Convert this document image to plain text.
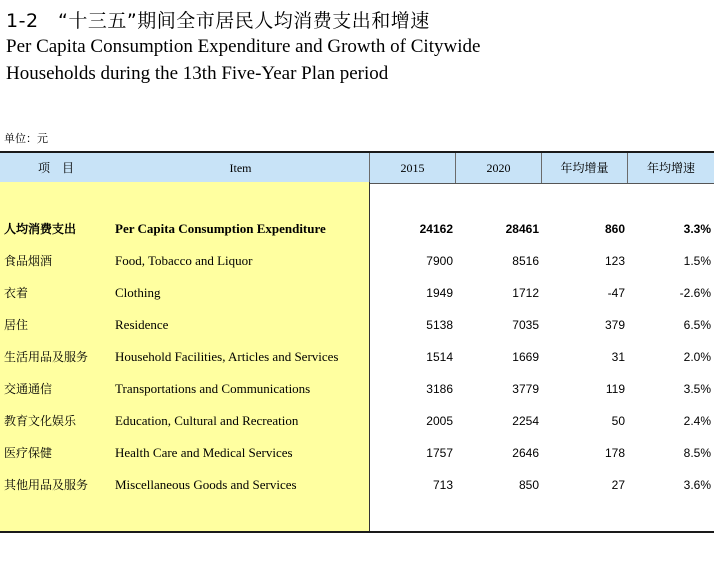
1-2　“十三五”期间全市居民人均消费支出和增速
Per Capita Consumption Expenditure and Growth of Citywide
Households during the 13th Five-Year Plan period
单位：元
项　目	Item	2015	2020	年均增量	年均增速
人均消费支出	Per Capita Consumption Expenditure	24162	28461	860	3.3%
食品烟酒	Food, Tobacco and Liquor	7900	8516	123	1.5%
衣着	Clothing	1949	1712	-47	-2.6%
居住	Residence	5138	7035	379	6.5%
生活用品及服务 Household Facilities, Articles and Services	1514	1669	31	2.0%
交通通信	Transportations and Communications	3186	3779	119	3.5%
教育文化娱乐	Education, Cultural and Recreation	2005	2254	50	2.4%
医疗保健	Health Care and Medical Services	1757	2646	178	8.5%
其他用品及服务 Miscellaneous Goods and Services	713	850	27	3.6%
